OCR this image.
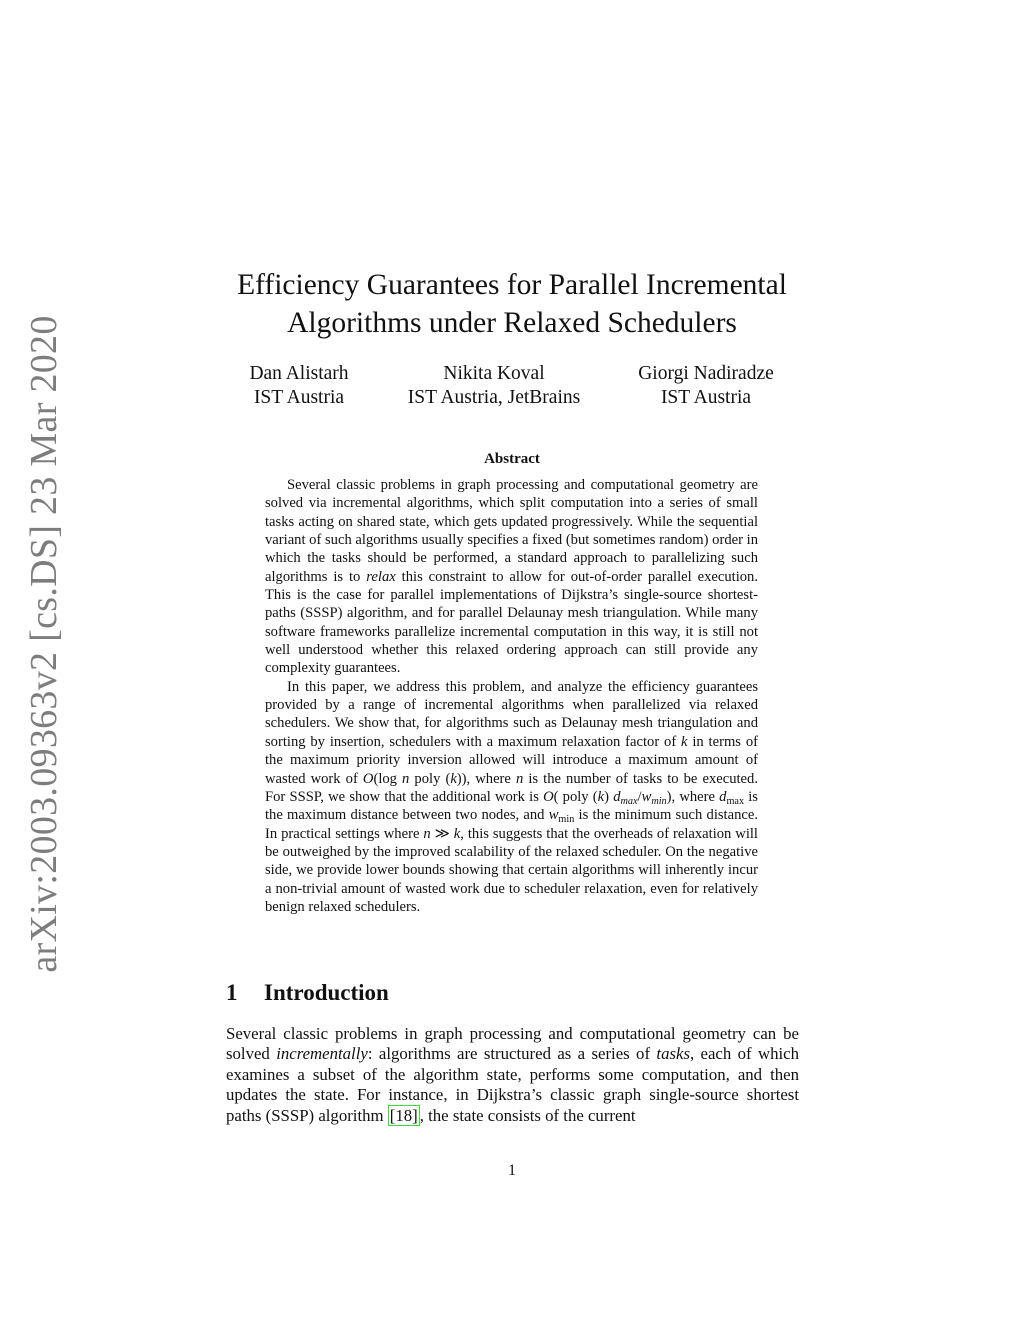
arXiv:2003.09363v2 [cs.DS] 23 Mar 2020
Efficiency Guarantees for Parallel Incremental
Algorithms under Relaxed Schedulers
Dan Alistarh
IST Austria
Nikita Koval
IST Austria, JetBrains
Giorgi Nadiradze
IST Austria
Abstract

Several classic problems in graph processing and computational geometry are solved via incremental algorithms, which split computation into a series of small tasks acting on shared state, which gets updated progressively. While the sequential variant of such algorithms usually specifies a fixed (but sometimes random) order in which the tasks should be performed, a standard approach to parallelizing such algorithms is to relax this constraint to allow for out-of-order parallel execution. This is the case for parallel implementations of Dijkstra’s single-source shortest-paths (SSSP) algorithm, and for parallel Delaunay mesh triangulation. While many software frameworks parallelize incremental computation in this way, it is still not well understood whether this relaxed ordering approach can still provide any complexity guarantees.

In this paper, we address this problem, and analyze the efficiency guarantees provided by a range of incremental algorithms when parallelized via relaxed schedulers. We show that, for algorithms such as Delaunay mesh triangulation and sorting by insertion, schedulers with a maximum relaxation factor of k in terms of the maximum priority inversion allowed will introduce a maximum amount of wasted work of O(log n poly (k)), where n is the number of tasks to be executed. For SSSP, we show that the additional work is O( poly (k) $d_{max}/w_{min}$), where $d_{max}$ is the maximum distance between two nodes, and $w_{min}$ is the minimum such distance. In practical settings where n ≫ k, this suggests that the overheads of relaxation will be outweighed by the improved scalability of the relaxed scheduler. On the negative side, we provide lower bounds showing that certain algorithms will inherently incur a non-trivial amount of wasted work due to scheduler relaxation, even for relatively benign relaxed schedulers.

1 Introduction

Several classic problems in graph processing and computational geometry can be solved incrementally: algorithms are structured as a series of tasks, each of which examines a subset of the algorithm state, performs some computation, and then updates the state. For instance, in Dijkstra’s classic graph single-source shortest paths (SSSP) algorithm [18] , the state consists of the current

1
